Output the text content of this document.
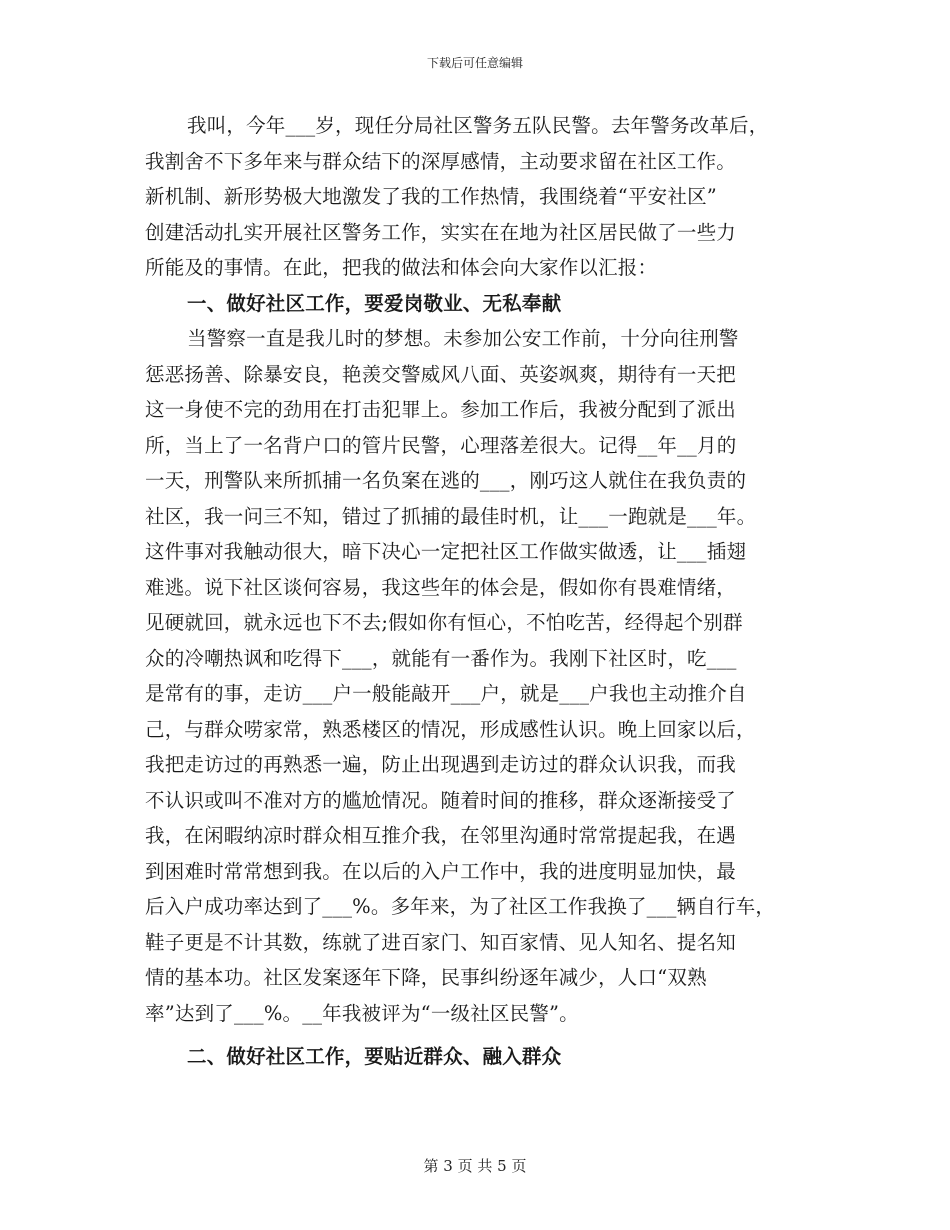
下载后可任意编辑
我叫，今年___岁，现任分局社区警务五队民警。去年警务改革后，
我割舍不下多年来与群众结下的深厚感情，主动要求留在社区工作。
新机制、新形势极大地激发了我的工作热情，我围绕着“平安社区”
创建活动扎实开展社区警务工作，实实在在地为社区居民做了一些力
所能及的事情。在此，把我的做法和体会向大家作以汇报：
一、做好社区工作，要爱岗敬业、无私奉献
当警察一直是我儿时的梦想。未参加公安工作前，十分向往刑警
惩恶扬善、除暴安良，艳羡交警威风八面、英姿飒爽，期待有一天把
这一身使不完的劲用在打击犯罪上。参加工作后，我被分配到了派出
所，当上了一名背户口的管片民警，心理落差很大。记得__年__月的
一天，刑警队来所抓捕一名负案在逃的___，刚巧这人就住在我负责的
社区，我一问三不知，错过了抓捕的最佳时机，让___一跑就是___年。
这件事对我触动很大，暗下决心一定把社区工作做实做透，让___插翅
难逃。说下社区谈何容易，我这些年的体会是，假如你有畏难情绪，
见硬就回，就永远也下不去;假如你有恒心，不怕吃苦，经得起个别群
众的冷嘲热讽和吃得下___，就能有一番作为。我刚下社区时，吃___
是常有的事，走访___户一般能敲开___户，就是___户我也主动推介自
己，与群众唠家常，熟悉楼区的情况，形成感性认识。晚上回家以后，
我把走访过的再熟悉一遍，防止出现遇到走访过的群众认识我，而我
不认识或叫不准对方的尴尬情况。随着时间的推移，群众逐渐接受了
我，在闲暇纳凉时群众相互推介我，在邻里沟通时常常提起我，在遇
到困难时常常想到我。在以后的入户工作中，我的进度明显加快，最
后入户成功率达到了___%。多年来，为了社区工作我换了___辆自行车，
鞋子更是不计其数，练就了进百家门、知百家情、见人知名、提名知
情的基本功。社区发案逐年下降，民事纠纷逐年减少，人口“双熟
率”达到了___%。__年我被评为“一级社区民警”。
二、做好社区工作，要贴近群众、融入群众
第 3 页 共 5 页
